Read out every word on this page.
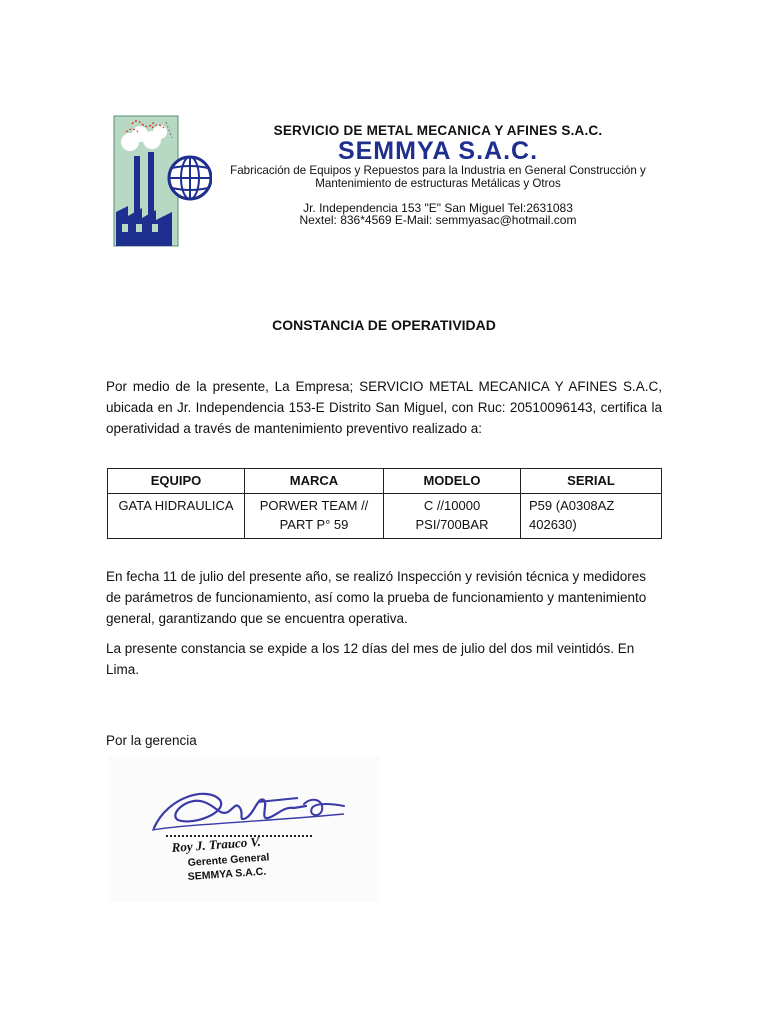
SERVICIO DE METAL MECANICA Y AFINES S.A.C.
SEMMYA S.A.C.
Fabricación de Equipos y Repuestos para la Industria en General Construcción y Mantenimiento de estructuras Metálicas y Otros
Jr. Independencia 153 "E" San Miguel Tel:2631083
Nextel: 836*4569 E-Mail: semmyasac@hotmail.com
CONSTANCIA DE OPERATIVIDAD
Por medio de la presente, La Empresa; SERVICIO METAL MECANICA Y AFINES S.A.C, ubicada en Jr. Independencia 153-E Distrito San Miguel, con Ruc: 20510096143, certifica la operatividad a través de mantenimiento preventivo realizado a:
EQUIPO	MARCA	MODELO	SERIAL
GATA HIDRAULICA	PORWER TEAM // PART P° 59	C //10000 PSI/700BAR	P59 (A0308AZ 402630)
En fecha 11 de julio del presente año, se realizó Inspección y revisión técnica y medidores de parámetros de funcionamiento, así como la prueba de funcionamiento y mantenimiento general, garantizando que se encuentra operativa.
La presente constancia se expide a los 12 días del mes de julio del dos mil veintidós. En Lima.
Por la gerencia
Roy J. Trauco V.
Gerente General
SEMMYA S.A.C.
